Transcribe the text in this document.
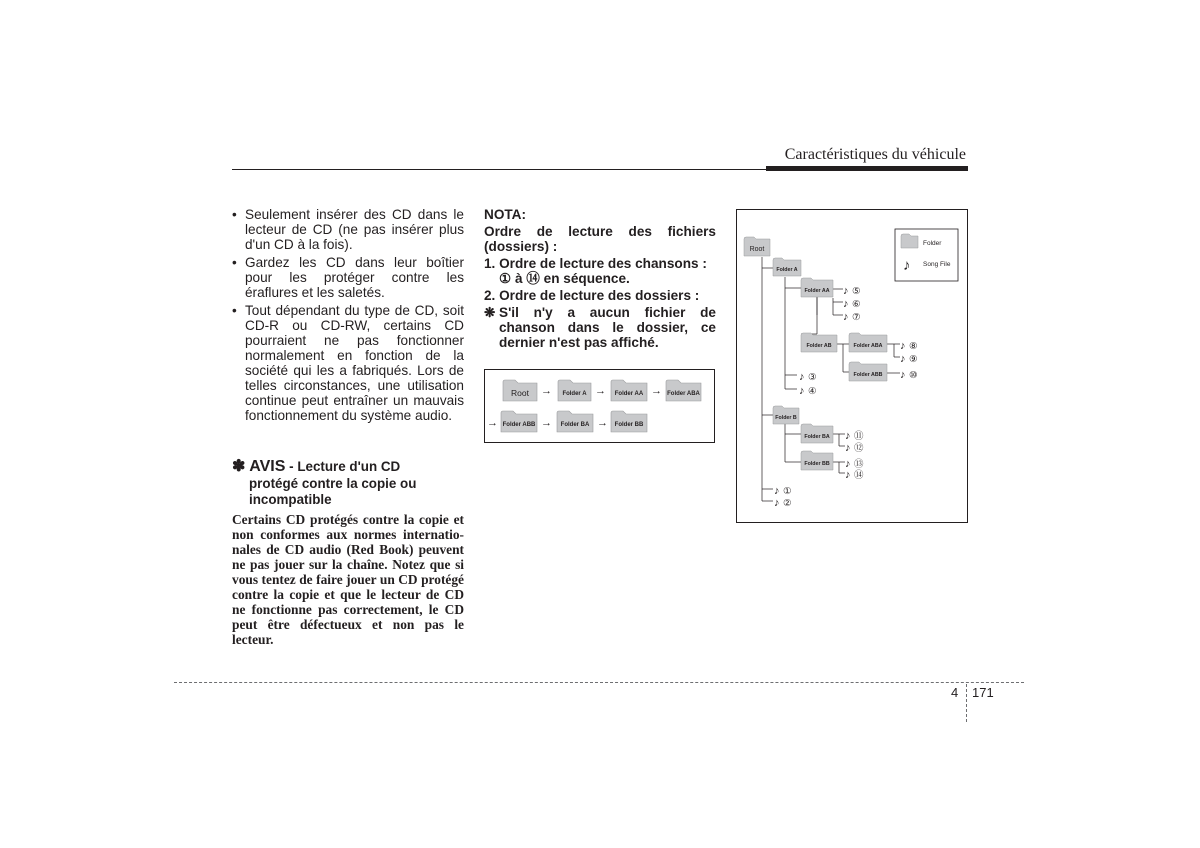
Caractéristiques du véhicule
• Seulement insérer des CD dans le lecteur de CD (ne pas insérer plus d'un CD à la fois).
• Gardez les CD dans leur boîtier pour les protéger contre les éraflures et les saletés.
• Tout dépendant du type de CD, soit CD-R ou CD-RW, certains CD pourraient ne pas fonctionner normalement en fonction de la société qui les a fabriqués. Lors de telles circonstances, une utilisation continue peut entraîner un mauvais fonctionnement du système audio.
✽ AVIS - Lecture d'un CD
protégé contre la copie ou incompatible
Certains CD protégés contre la copie et non conformes aux normes internatio-nales de CD audio (Red Book) peuvent ne pas jouer sur la chaîne. Notez que si vous tentez de faire jouer un CD protégé contre la copie et que le lecteur de CD ne fonctionne pas correctement, le CD peut être défectueux et non pas le lecteur.

NOTA:

Ordre de lecture des fichiers (dossiers) :

1. Ordre de lecture des chansons :

① à ⑭ en séquence.

2. Ordre de lecture des dossiers :

❋ S'il n'y a aucun fichier de chanson dans le dossier, ce dernier n'est pas affiché.

Root → Folder A → Folder AA → Folder ABA
→ Folder ABB → Folder BA → Folder BB
Folder
♪ Song File
Root
Folder A
Folder AA
Folder AB	Folder ABA
Folder ABB
Folder B
Folder BA
Folder BB
♪ ⑤
♪ ⑥
♪ ⑦
♪ ⑧
♪ ⑨
♪ ⑩
♪ ③
♪ ④
♪ ⑪
♪ ⑫
♪ ⑬
♪ ⑭
♪ ①
♪ ②
4 171
